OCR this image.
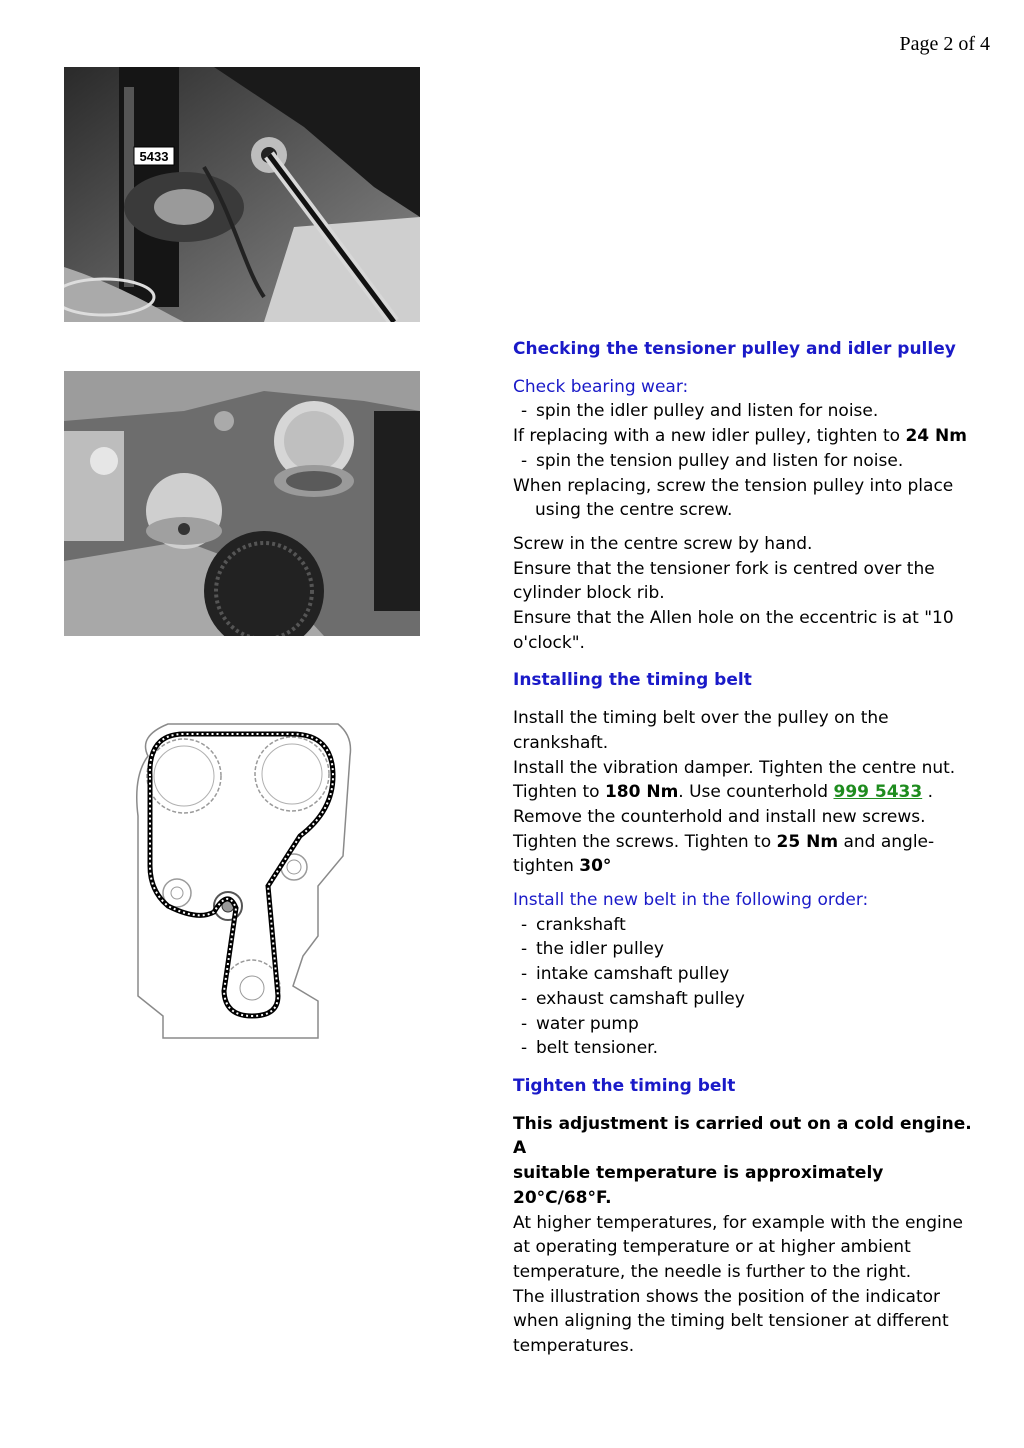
Page 2 of 4
5433
Checking the tensioner pulley and idler pulley
Check bearing wear:
- spin the idler pulley and listen for noise.
If replacing with a new idler pulley, tighten to 24 Nm
- spin the tension pulley and listen for noise.
When replacing, screw the tension pulley into place
using the centre screw.
Screw in the centre screw by hand.
Ensure that the tensioner fork is centred over the
cylinder block rib.
Ensure that the Allen hole on the eccentric is at "10
o'clock".
Installing the timing belt
Install the timing belt over the pulley on the
crankshaft.
Install the vibration damper. Tighten the centre nut.
Tighten to 180 Nm. Use counterhold 999 5433 .
Remove the counterhold and install new screws.
Tighten the screws. Tighten to 25 Nm and angle-
tighten 30°
Install the new belt in the following order:
- crankshaft
- the idler pulley
- intake camshaft pulley
- exhaust camshaft pulley
- water pump
- belt tensioner.
Tighten the timing belt
This adjustment is carried out on a cold engine. A
suitable temperature is approximately 20°C/68°F.
At higher temperatures, for example with the engine
at operating temperature or at higher ambient
temperature, the needle is further to the right.
The illustration shows the position of the indicator
when aligning the timing belt tensioner at different
temperatures.
